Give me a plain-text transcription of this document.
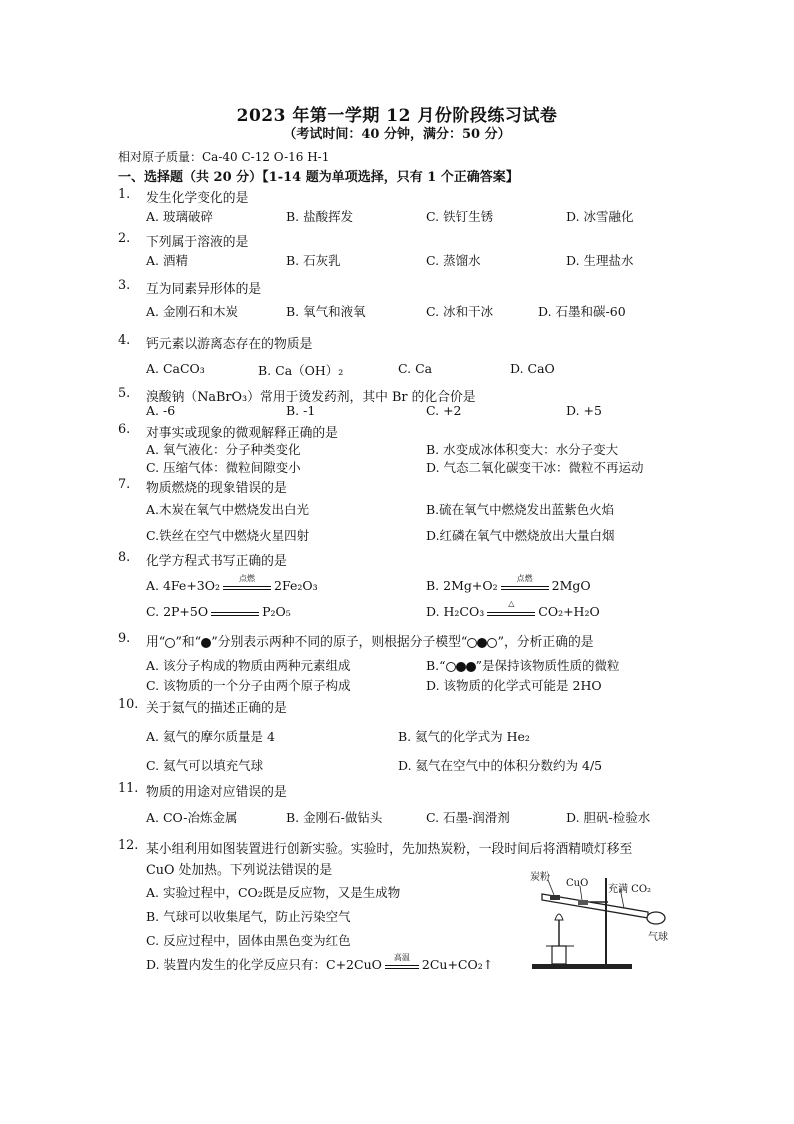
2023 年第一学期 12 月份阶段练习试卷
（考试时间：40 分钟，满分：50 分）
相对原子质量：Ca-40 C-12 O-16 H-1
一、选择题（共 20 分）【1-14 题为单项选择，只有 1 个正确答案】
1.	发生化学变化的是
A. 玻璃破碎	B. 盐酸挥发	C. 铁钉生锈	D. 冰雪融化
2.	下列属于溶液的是
A. 酒精	B. 石灰乳	C. 蒸馏水	D. 生理盐水
3.	互为同素异形体的是
A. 金刚石和木炭	B. 氧气和液氧	C. 冰和干冰	D. 石墨和碳-60
4.	钙元素以游离态存在的物质是
A. CaCO₃	B. Ca（OH）₂	C. Ca	D. CaO
5.	溴酸钠（NaBrO₃）常用于烫发药剂，其中 Br 的化合价是
A. -6	B. -1	C. +2	D. +5
6.	对事实或现象的微观解释正确的是
A. 氧气液化：分子种类变化	B. 水变成冰体积变大：水分子变大
C. 压缩气体：微粒间隙变小	D. 气态二氧化碳变干冰：微粒不再运动
7.	物质燃烧的现象错误的是
A.木炭在氧气中燃烧发出白光	B.硫在氧气中燃烧发出蓝紫色火焰
C.铁丝在空气中燃烧火星四射	D.红磷在氧气中燃烧放出大量白烟
8.	化学方程式书写正确的是
A. 4Fe+3O₂	点燃	2Fe₂O₃	B. 2Mg+O₂	点燃	2MgO
C. 2P+5O	P₂O₅	D. H₂CO₃
△
CO₂+H₂O
9.	用“ ”和“ ”分别表示两种不同的原子，则根据分子模型“ ”，分析正确的是
A. 该分子构成的物质由两种元素组成	B.“ ”是保持该物质性质的微粒
C. 该物质的一个分子由两个原子构成	D. 该物质的化学式可能是 2HO
10. 关于氦气的描述正确的是
A. 氦气的摩尔质量是 4	B. 氦气的化学式为 He₂
C. 氦气可以填充气球	D. 氦气在空气中的体积分数约为 4/5
11. 物质的用途对应错误的是
A. CO-冶炼金属	B. 金刚石-做钻头	C. 石墨-润滑剂	D. 胆矾-检验水
12. 某小组利用如图装置进行创新实验。实验时，先加热炭粉，一段时间后将酒精喷灯移至
CuO 处加热。下列说法错误的是
A. 实验过程中，CO₂既是反应物，又是生成物
B. 气球可以收集尾气，防止污染空气
C. 反应过程中，固体由黑色变为红色
D. 装置内发生的化学反应只有：C+2CuO	高温 2Cu+CO₂↑
炭粉
CuO
充满 CO₂
气球
